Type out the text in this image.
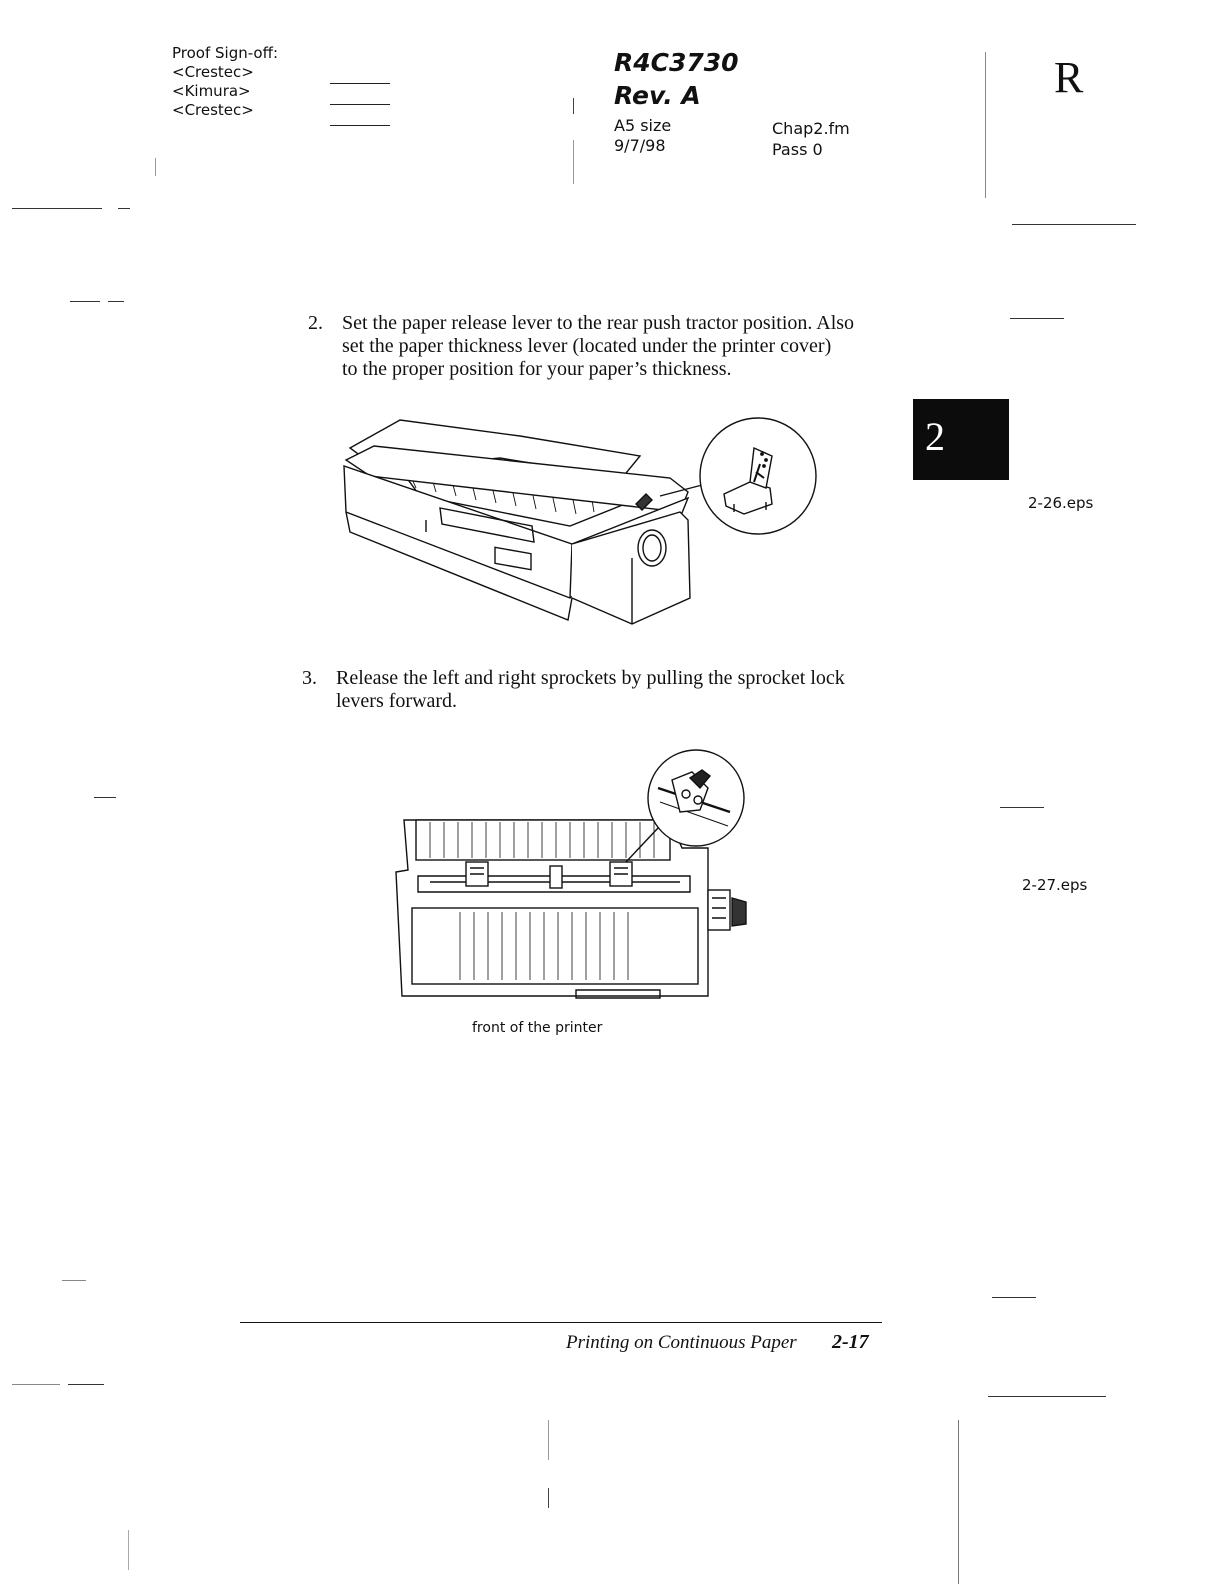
Proof Sign-off:
<Crestec>
<Kimura>
<Crestec>
R4C3730
Rev. A
A5 size
9/7/98
Chap2.fm
Pass 0
R
2
2. Set the paper release lever to the rear push tractor position. Also
set the paper thickness lever (located under the printer cover)
to the proper position for your paper’s thickness.
2-26.eps
3. Release the left and right sprockets by pulling the sprocket lock
levers forward.
2-27.eps
front of the printer
Printing on Continuous Paper 2-17
